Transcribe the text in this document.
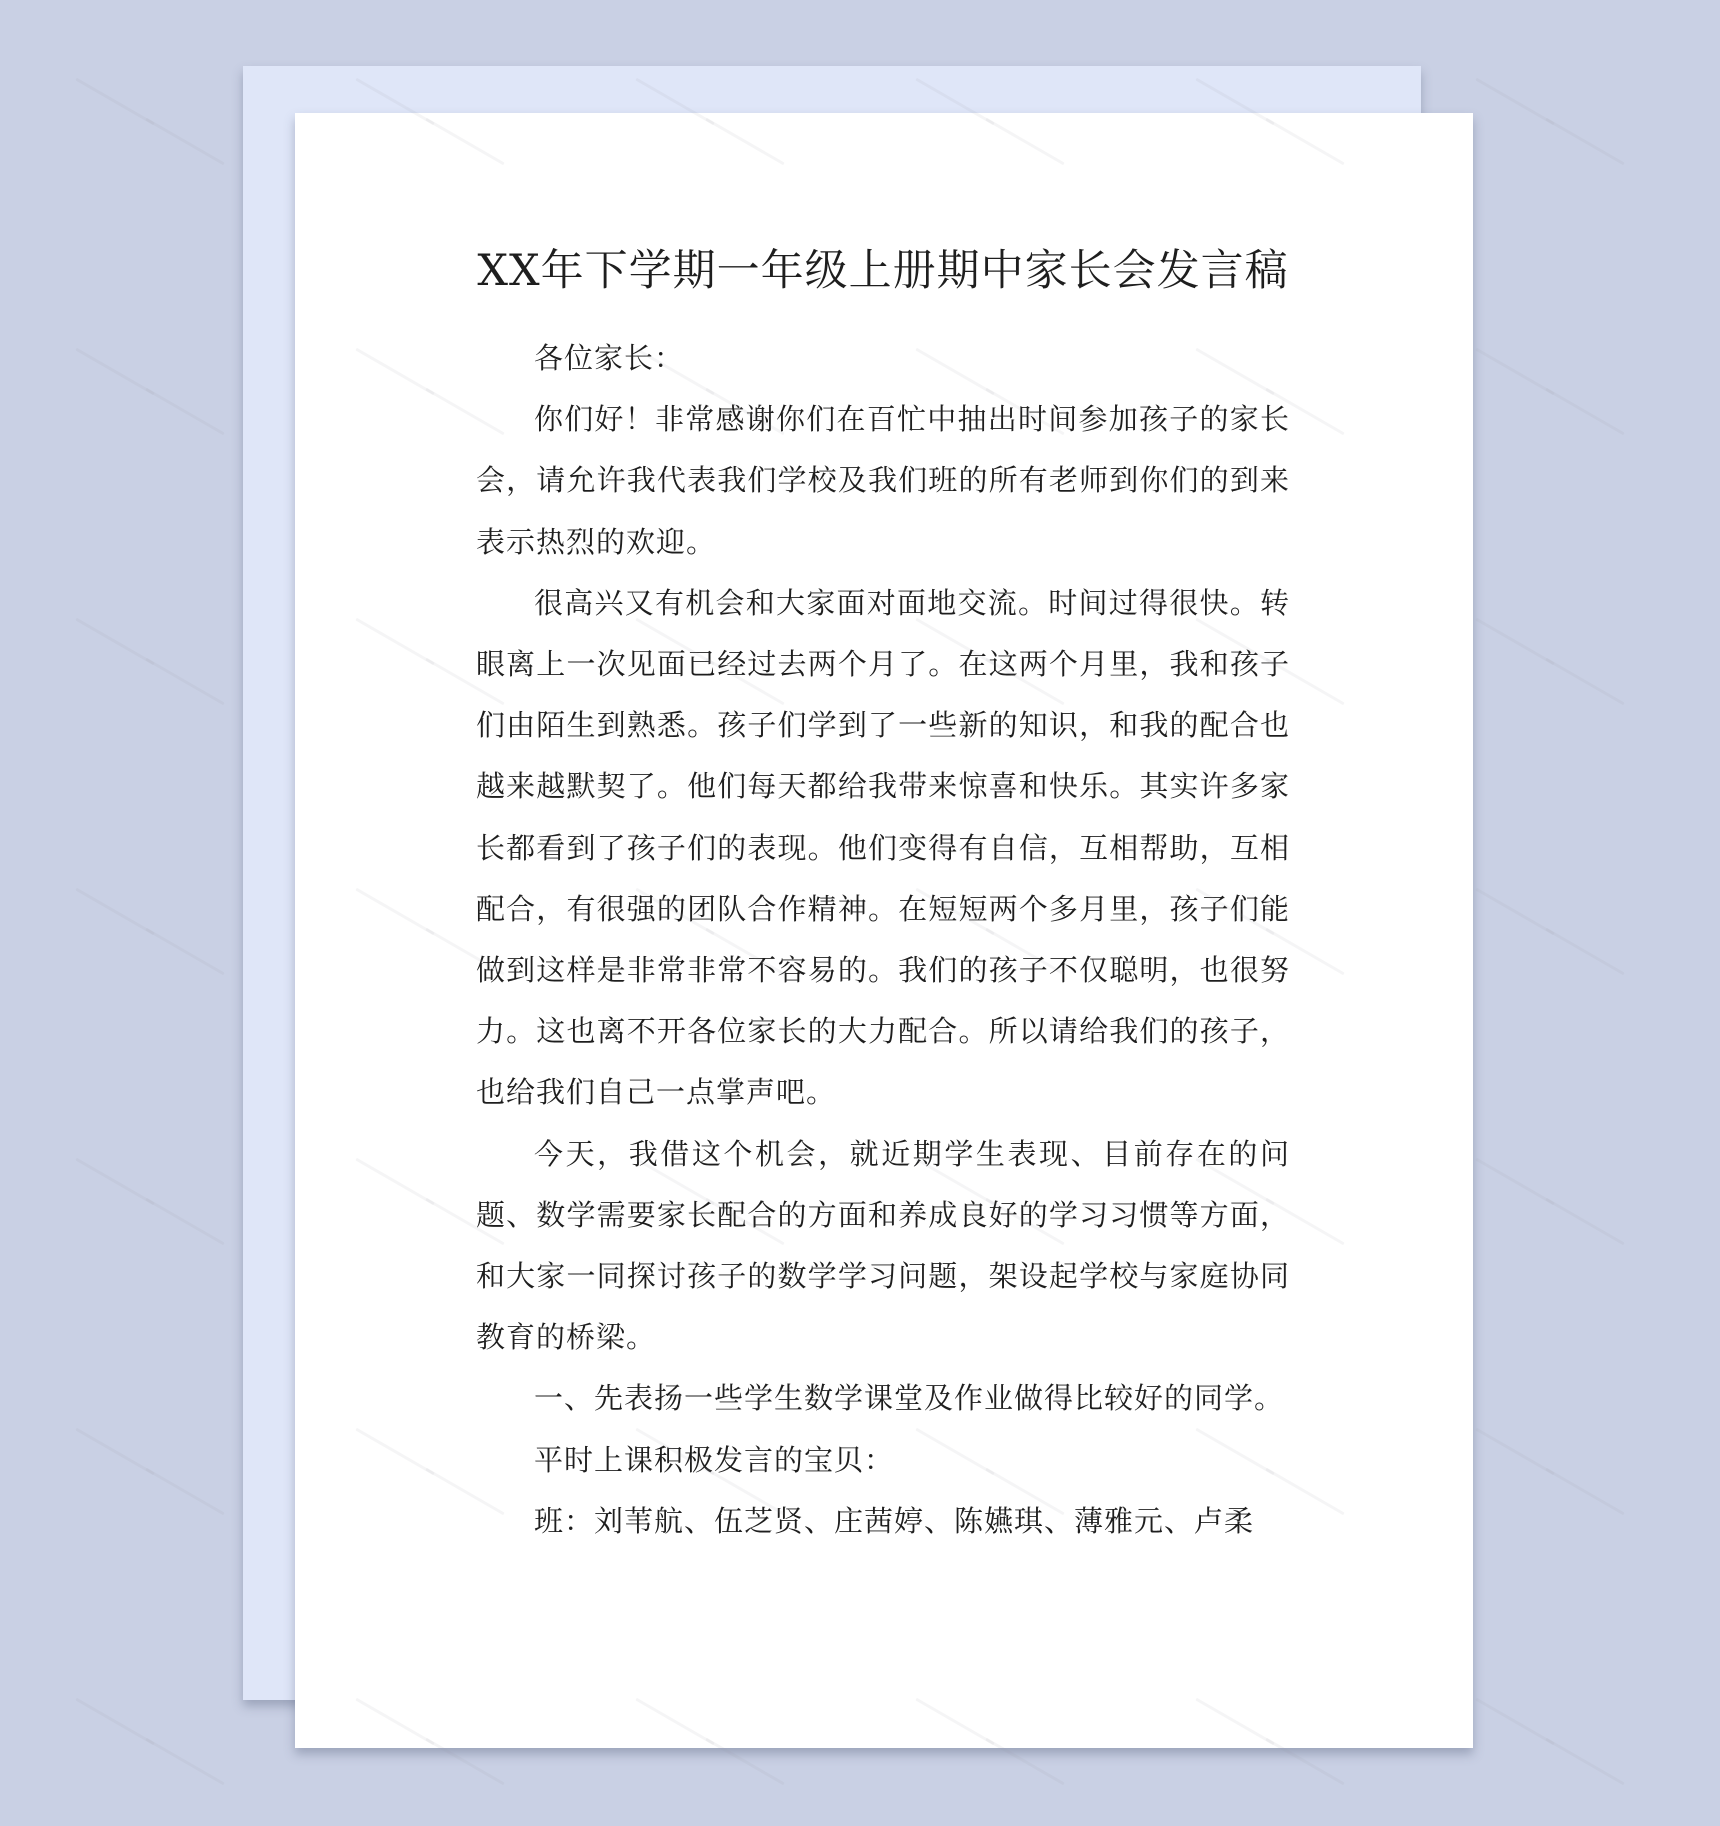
XX年下学期一年级上册期中家长会发言稿

各位家长：

你们好！非常感谢你们在百忙中抽出时间参加孩子的家长会，请允许我代表我们学校及我们班的所有老师到你们的到来表示热烈的欢迎。

很高兴又有机会和大家面对面地交流。时间过得很快。转眼离上一次见面已经过去两个月了。在这两个月里，我和孩子们由陌生到熟悉。孩子们学到了一些新的知识，和我的配合也越来越默契了。他们每天都给我带来惊喜和快乐。其实许多家长都看到了孩子们的表现。他们变得有自信，互相帮助，互相配合，有很强的团队合作精神。在短短两个多月里，孩子们能做到这样是非常非常不容易的。我们的孩子不仅聪明，也很努力。这也离不开各位家长的大力配合。所以请给我们的孩子，也给我们自己一点掌声吧。

今天，我借这个机会，就近期学生表现、目前存在的问题、数学需要家长配合的方面和养成良好的学习习惯等方面，和大家一同探讨孩子的数学学习问题，架设起学校与家庭协同教育的桥梁。

一、先表扬一些学生数学课堂及作业做得比较好的同学。

平时上课积极发言的宝贝：

班：刘苇航、伍芝贤、庄茜婷、陈嬿琪、薄雅元、卢柔
